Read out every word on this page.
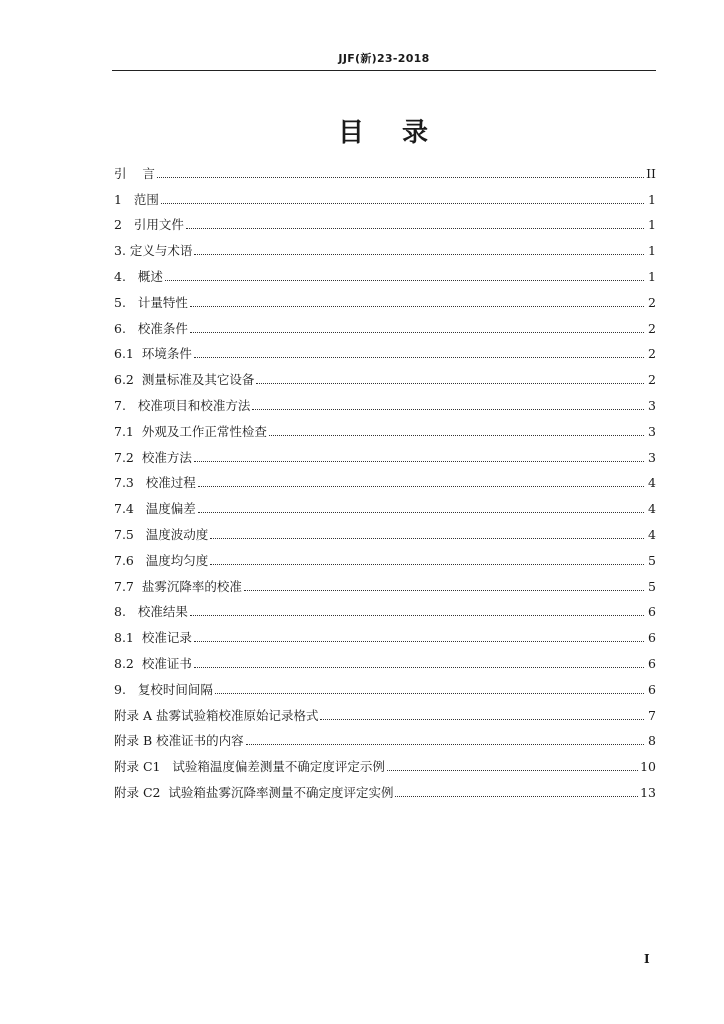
JJF(新)23-2018
目 录
引    言	II
1   范围	1
2   引用文件	1
3. 定义与术语	1
4.   概述	1
5.   计量特性	2
6.   校准条件	2
6.1  环境条件	2
6.2  测量标准及其它设备	2
7.   校准项目和校准方法	3
7.1  外观及工作正常性检查	3
7.2  校准方法	3
7.3   校准过程	4
7.4   温度偏差	4
7.5   温度波动度	4
7.6   温度均匀度	5
7.7  盐雾沉降率的校准	5
8.   校准结果	6
8.1  校准记录	6
8.2  校准证书	6
9.   复校时间间隔	6
附录 A 盐雾试验箱校准原始记录格式	7
附录 B 校准证书的内容	8
附录 C1   试验箱温度偏差测量不确定度评定示例	10
附录 C2  试验箱盐雾沉降率测量不确定度评定实例	13
I
